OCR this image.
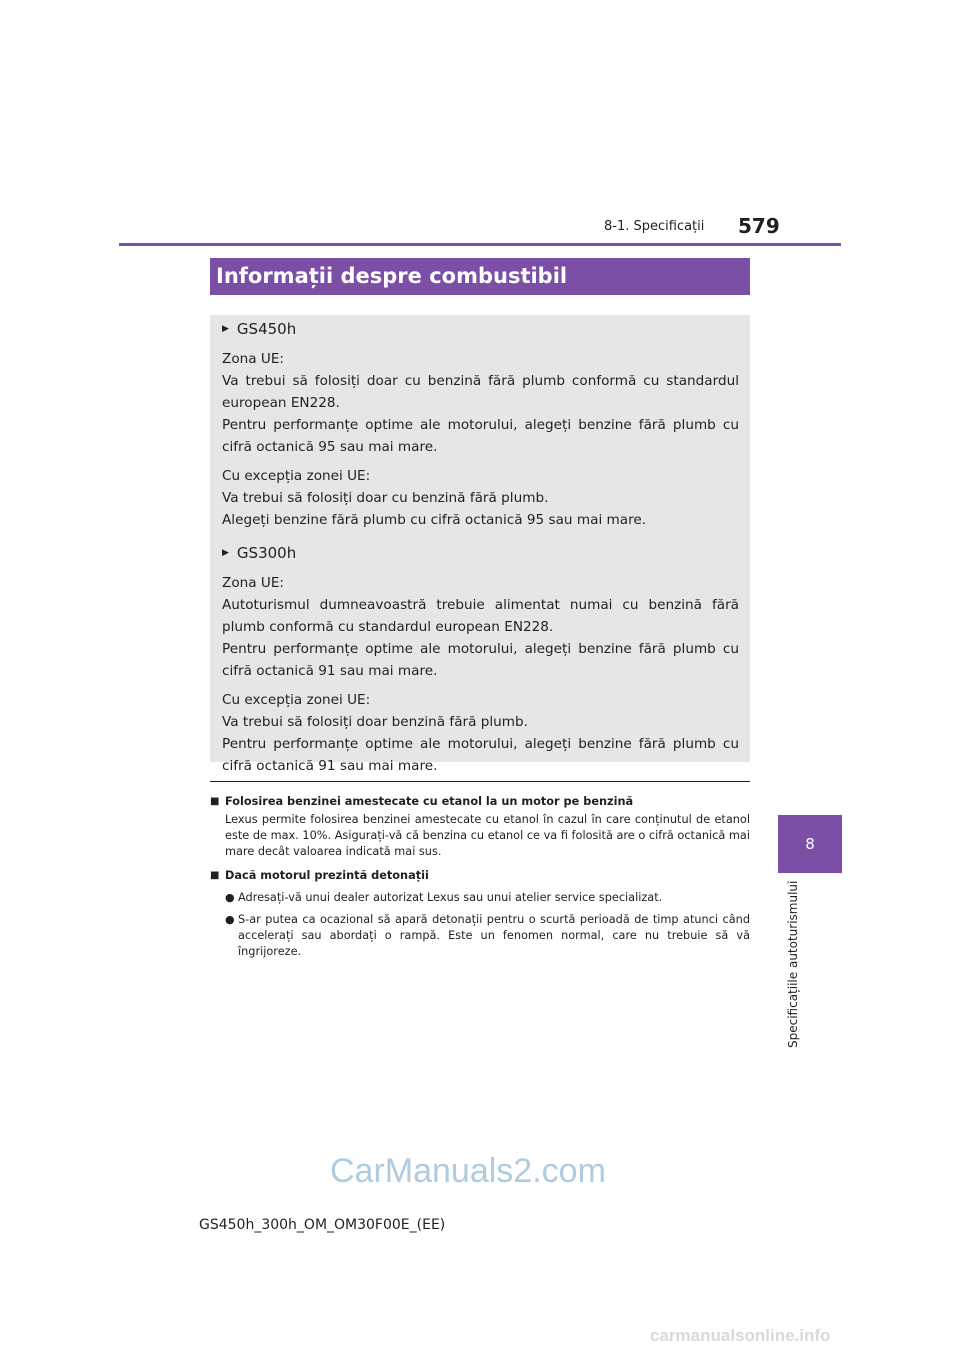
8-1. Specificații 579
8
Specificațiile autoturismului
Informații despre combustibil
▶ GS450h

Zona UE:

Va trebui să folosiți doar cu benzină fără plumb conformă cu standardul european EN228.

Pentru performanțe optime ale motorului, alegeți benzine fără plumb cu cifră octanică 95 sau mai mare.

Cu excepția zonei UE:

Va trebui să folosiți doar cu benzină fără plumb.

Alegeți benzine fără plumb cu cifră octanică 95 sau mai mare.

▶ GS300h

Zona UE:

Autoturismul dumneavoastră trebuie alimentat numai cu benzină fără plumb conformă cu standardul european EN228.

Pentru performanțe optime ale motorului, alegeți benzine fără plumb cu cifră octanică 91 sau mai mare.

Cu excepția zonei UE:

Va trebui să folosiți doar benzină fără plumb.

Pentru performanțe optime ale motorului, alegeți benzine fără plumb cu cifră octanică 91 sau mai mare.

■ Folosirea benzinei amestecate cu etanol la un motor pe benzină
Lexus permite folosirea benzinei amestecate cu etanol în cazul în care conținutul de etanol este de max. 10%. Asigurați-vă că benzina cu etanol ce va fi folosită are o cifră octanică mai mare decât valoarea indicată mai sus.
■ Dacă motorul prezintă detonații
● Adresați-vă unui dealer autorizat Lexus sau unui atelier service specializat.
● S-ar putea ca ocazional să apară detonații pentru o scurtă perioadă de timp atunci când accelerați sau abordați o rampă. Este un fenomen normal, care nu trebuie să vă îngrijoreze.
CarManuals2.com
GS450h_300h_OM_OM30F00E_(EE)
carmanualsonline.info
